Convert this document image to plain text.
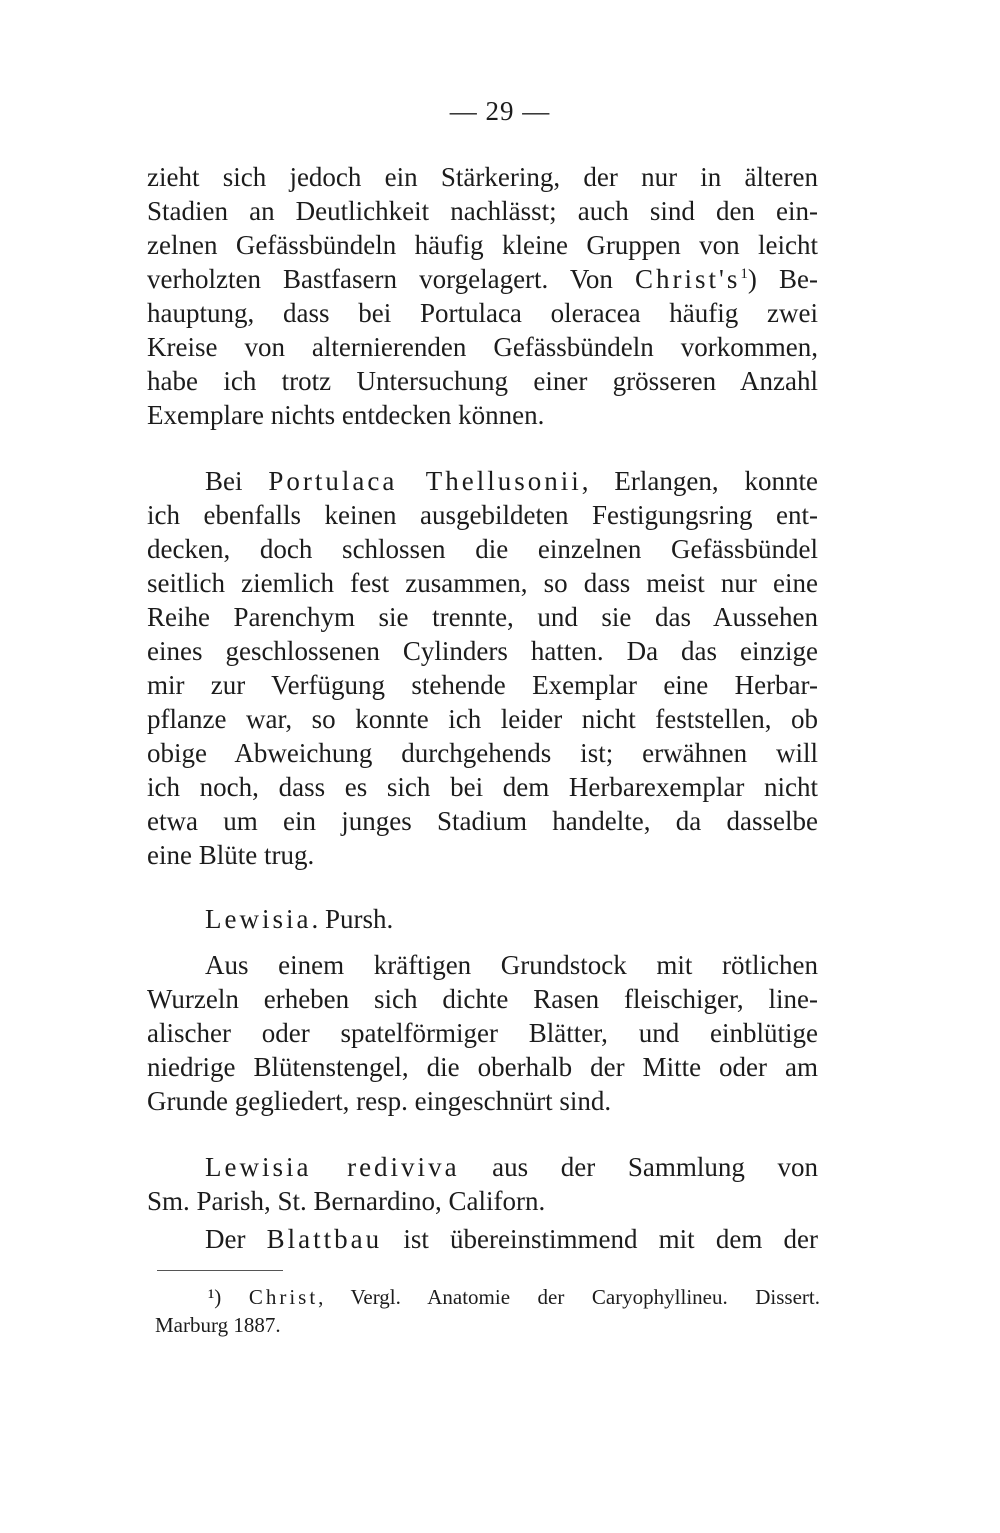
— 29 —
zieht sich jedoch ein Stärkering, der nur in älteren
Stadien an Deutlichkeit nachlässt; auch sind den ein-
zelnen Gefässbündeln häufig kleine Gruppen von leicht
verholzten Bastfasern vorgelagert. Von Christ's$^1$) Be-
hauptung, dass bei Portulaca oleracea häufig zwei
Kreise von alternierenden Gefässbündeln vorkommen,
habe ich trotz Untersuchung einer grösseren Anzahl
Exemplare nichts entdecken können.
Bei Portulaca Thellusonii, Erlangen, konnte
ich ebenfalls keinen ausgebildeten Festigungsring ent-
decken, doch schlossen die einzelnen Gefässbündel
seitlich ziemlich fest zusammen, so dass meist nur eine
Reihe Parenchym sie trennte, und sie das Aussehen
eines geschlossenen Cylinders hatten. Da das einzige
mir zur Verfügung stehende Exemplar eine Herbar-
pflanze war, so konnte ich leider nicht feststellen, ob
obige Abweichung durchgehends ist; erwähnen will
ich noch, dass es sich bei dem Herbarexemplar nicht
etwa um ein junges Stadium handelte, da dasselbe
eine Blüte trug.
Lewisia. Pursh.
Aus einem kräftigen Grundstock mit rötlichen
Wurzeln erheben sich dichte Rasen fleischiger, line-
alischer oder spatelförmiger Blätter, und einblütige
niedrige Blütenstengel, die oberhalb der Mitte oder am
Grunde gegliedert, resp. eingeschnürt sind.
Lewisia rediviva aus der Sammlung von
Sm. Parish, St. Bernardino, Californ.
Der Blattbau ist übereinstimmend mit dem der
¹) Christ, Vergl. Anatomie der Caryophyllineu. Dissert.
Marburg 1887.
